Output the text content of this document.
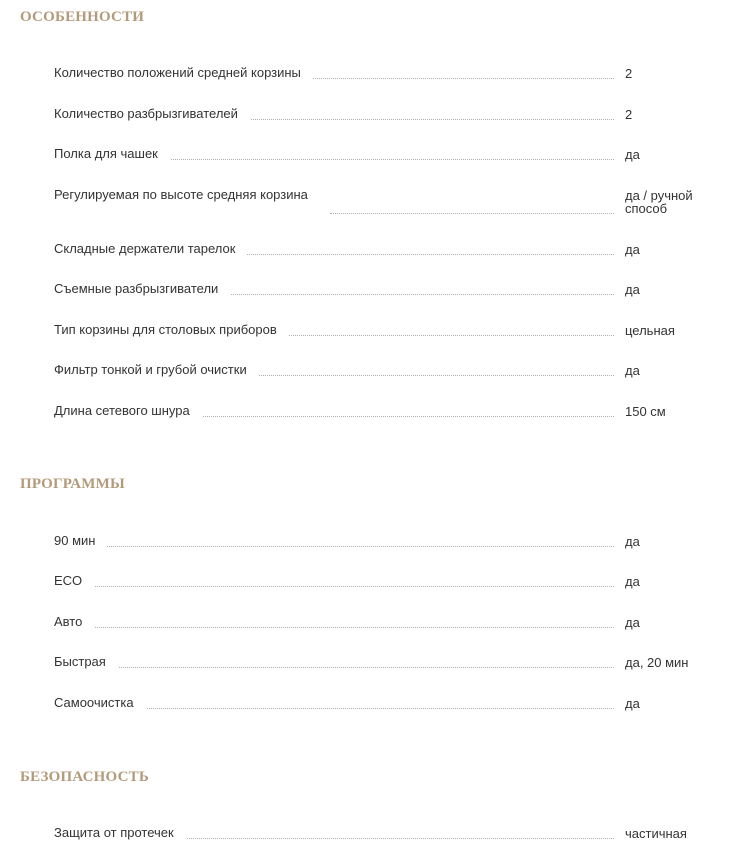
ОСОБЕННОСТИ
Количество положений средней корзины	2
Количество разбрызгивателей	2
Полка для чашек	да
Регулируемая по высоте средняя корзина	да / ручной способ
Складные держатели тарелок	да
Съемные разбрызгиватели	да
Тип корзины для столовых приборов	цельная
Фильтр тонкой и грубой очистки	да
Длина сетевого шнура	150 см
ПРОГРАММЫ
90 мин	да
ECO	да
Авто	да
Быстрая	да, 20 мин
Самоочистка	да
БЕЗОПАСНОСТЬ
Защита от протечек	частичная
